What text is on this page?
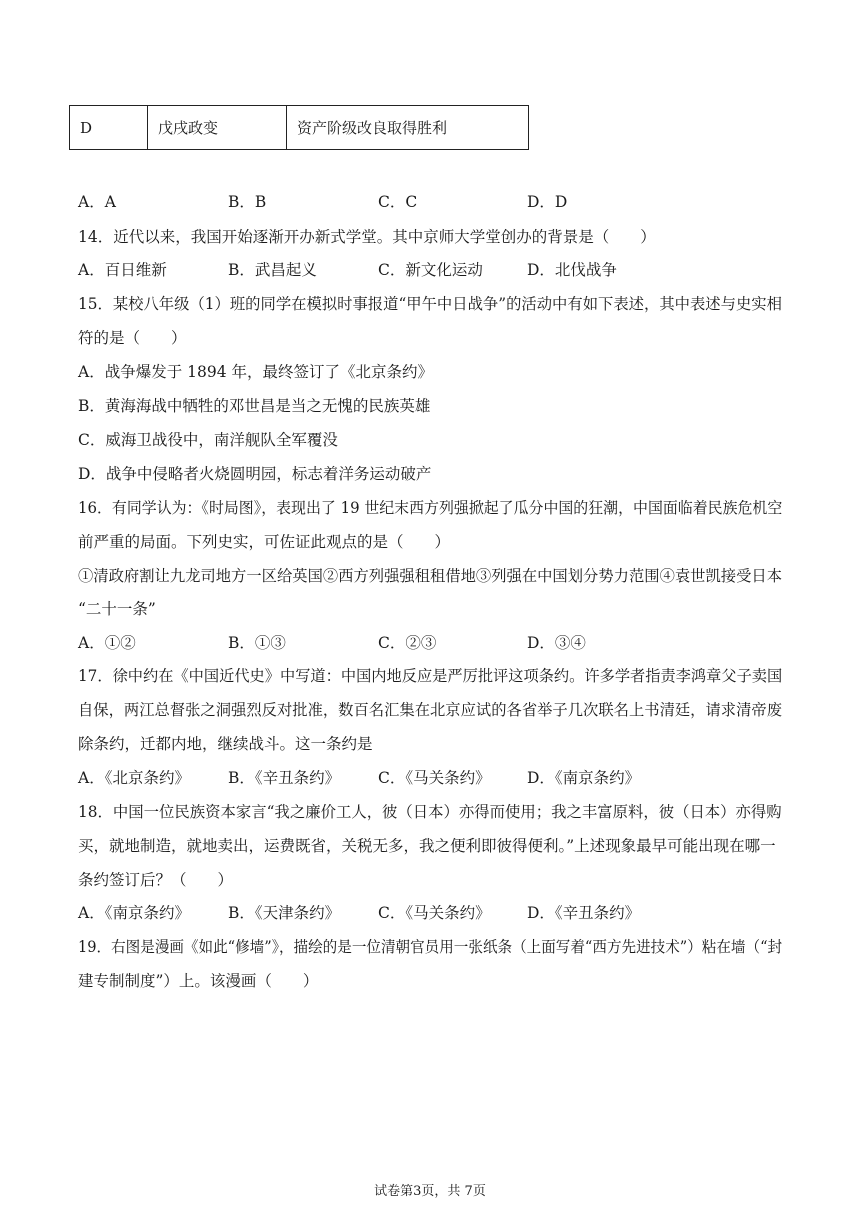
D	戊戌政变	资产阶级改良取得胜利
A．A	B．B	C．C	D．D
14．近代以来，我国开始逐渐开办新式学堂。其中京师大学堂创办的背景是（　　）
A．百日维新	B．武昌起义	C．新文化运动	D．北伐战争
15．某校八年级（1）班的同学在模拟时事报道“甲午中日战争”的活动中有如下表述，其中表述与史实相
符的是（　　）
A．战争爆发于 1894 年，最终签订了《北京条约》
B．黄海海战中牺牲的邓世昌是当之无愧的民族英雄
C．威海卫战役中，南洋舰队全军覆没
D．战争中侵略者火烧圆明园，标志着洋务运动破产
16．有同学认为：《时局图》，表现出了 19 世纪末西方列强掀起了瓜分中国的狂潮，中国面临着民族危机空
前严重的局面。下列史实，可佐证此观点的是（　　）
①清政府割让九龙司地方一区给英国②西方列强强租租借地③列强在中国划分势力范围④袁世凯接受日本
“二十一条”
A．①②	B．①③	C．②③	D．③④
17．徐中约在《中国近代史》中写道：中国内地反应是严厉批评这项条约。许多学者指责李鸿章父子卖国
自保，两江总督张之洞强烈反对批准，数百名汇集在北京应试的各省举子几次联名上书清廷，请求清帝废
除条约，迁都内地，继续战斗。这一条约是
A．《北京条约》 B．《辛丑条约》 C．《马关条约》 D．《南京条约》
18．中国一位民族资本家言“我之廉价工人，彼（日本）亦得而使用；我之丰富原料，彼（日本）亦得购
买，就地制造，就地卖出，运费既省，关税无多，我之便利即彼得便利。”上述现象最早可能出现在哪一
条约签订后？（　　）
A．《南京条约》 B．《天津条约》 C．《马关条约》 D．《辛丑条约》
19．右图是漫画《如此“修墙”》，描绘的是一位清朝官员用一张纸条（上面写着“西方先进技术”）粘在墙（“封
建专制制度”）上。该漫画（　　）
试卷第3页，共 7页
